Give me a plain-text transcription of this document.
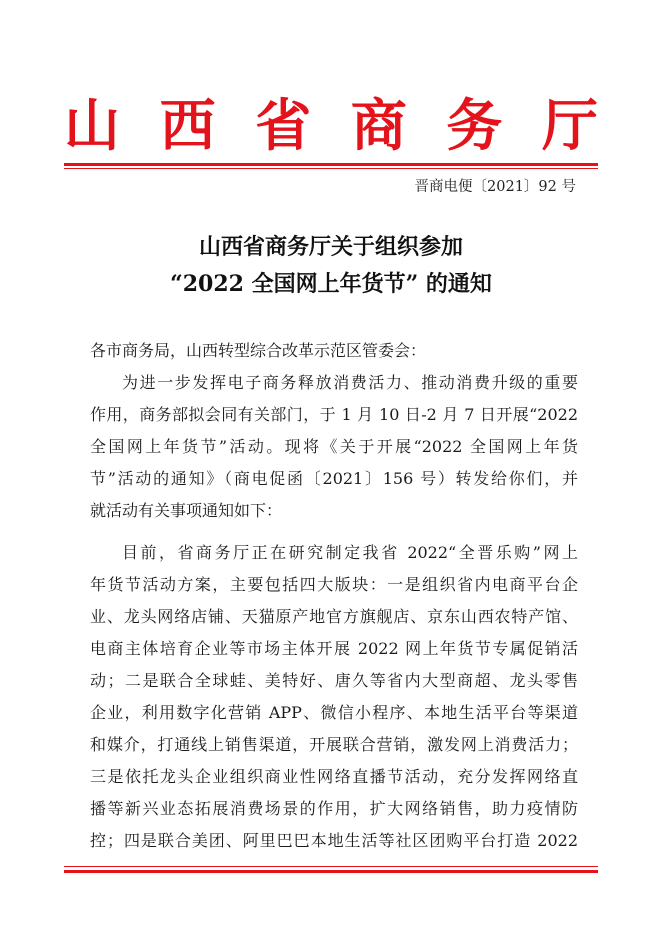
山 西 省 商 务 厅
晋商电便〔2021〕92 号
山西省商务厅关于组织参加
“2022 全国网上年货节” 的通知
各市商务局，山西转型综合改革示范区管委会：
为进一步发挥电子商务释放消费活力、推动消费升级的重要
作用，商务部拟会同有关部门，于 1 月 10 日-2 月 7 日开展“2022
全国网上年货节”活动。现将《关于开展“2022 全国网上年货
节”活动的通知》（商电促函〔2021〕156 号）转发给你们，并
就活动有关事项通知如下：
目前，省商务厅正在研究制定我省 2022“全晋乐购”网上
年货节活动方案，主要包括四大版块：一是组织省内电商平台企
业、龙头网络店铺、天猫原产地官方旗舰店、京东山西农特产馆、
电商主体培育企业等市场主体开展 2022 网上年货节专属促销活
动；二是联合全球蛙、美特好、唐久等省内大型商超、龙头零售
企业，利用数字化营销 APP、微信小程序、本地生活平台等渠道
和媒介，打通线上销售渠道，开展联合营销，激发网上消费活力；
三是依托龙头企业组织商业性网络直播节活动，充分发挥网络直
播等新兴业态拓展消费场景的作用，扩大网络销售，助力疫情防
控；四是联合美团、阿里巴巴本地生活等社区团购平台打造 2022
